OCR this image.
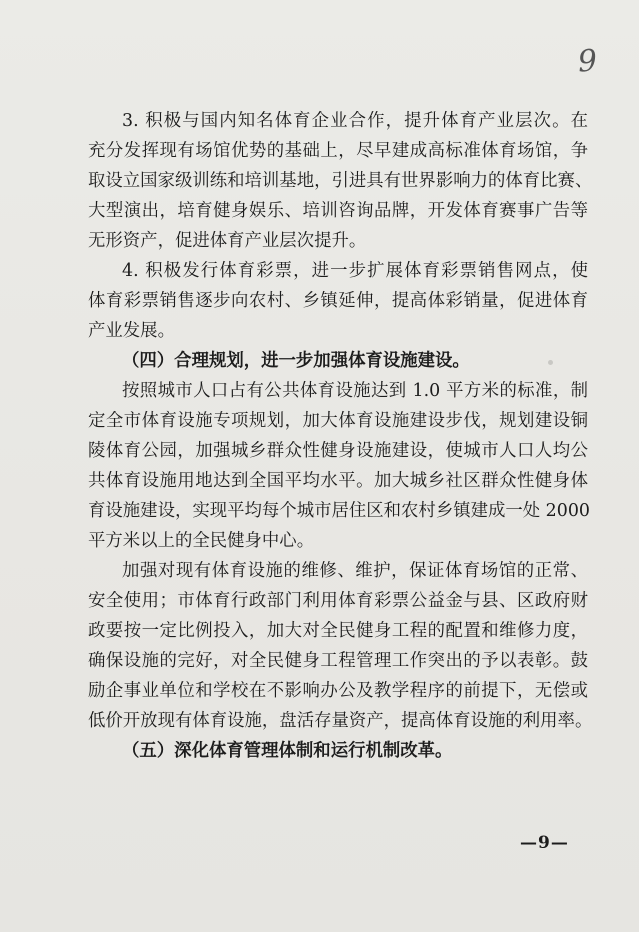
9
3. 积极与国内知名体育企业合作，提升体育产业层次。在
充分发挥现有场馆优势的基础上，尽早建成高标准体育场馆，争
取设立国家级训练和培训基地，引进具有世界影响力的体育比赛、
大型演出，培育健身娱乐、培训咨询品牌，开发体育赛事广告等
无形资产，促进体育产业层次提升。
4. 积极发行体育彩票，进一步扩展体育彩票销售网点，使
体育彩票销售逐步向农村、乡镇延伸，提高体彩销量，促进体育
产业发展。
（四）合理规划，进一步加强体育设施建设。
按照城市人口占有公共体育设施达到 1.0 平方米的标准，制
定全市体育设施专项规划，加大体育设施建设步伐，规划建设铜
陵体育公园，加强城乡群众性健身设施建设，使城市人口人均公
共体育设施用地达到全国平均水平。加大城乡社区群众性健身体
育设施建设，实现平均每个城市居住区和农村乡镇建成一处 2000
平方米以上的全民健身中心。
加强对现有体育设施的维修、维护，保证体育场馆的正常、
安全使用；市体育行政部门利用体育彩票公益金与县、区政府财
政要按一定比例投入，加大对全民健身工程的配置和维修力度，
确保设施的完好，对全民健身工程管理工作突出的予以表彰。鼓
励企事业单位和学校在不影响办公及教学程序的前提下，无偿或
低价开放现有体育设施，盘活存量资产，提高体育设施的利用率。
（五）深化体育管理体制和运行机制改革。
—9—
